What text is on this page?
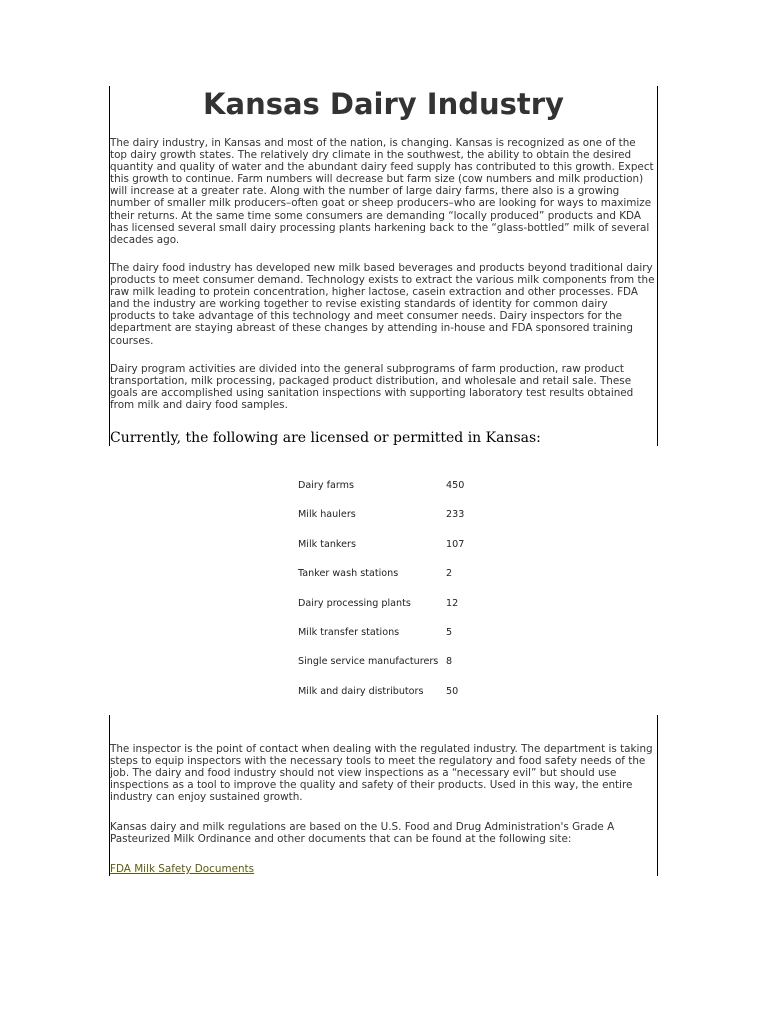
Kansas Dairy Industry

The dairy industry, in Kansas and most of the nation, is changing. Kansas is recognized as one of the top dairy growth states. The relatively dry climate in the southwest, the ability to obtain the desired quantity and quality of water and the abundant dairy feed supply has contributed to this growth. Expect this growth to continue. Farm numbers will decrease but farm size (cow numbers and milk production) will increase at a greater rate. Along with the number of large dairy farms, there also is a growing number of smaller milk producers–often goat or sheep producers–who are looking for ways to maximize their returns. At the same time some consumers are demanding “locally produced” products and KDA has licensed several small dairy processing plants harkening back to the “glass-bottled” milk of several decades ago.

The dairy food industry has developed new milk based beverages and products beyond traditional dairy products to meet consumer demand. Technology exists to extract the various milk components from the raw milk leading to protein concentration, higher lactose, casein extraction and other processes. FDA and the industry are working together to revise existing standards of identity for common dairy products to take advantage of this technology and meet consumer needs. Dairy inspectors for the department are staying abreast of these changes by attending in-house and FDA sponsored training courses.

Dairy program activities are divided into the general subprograms of farm production, raw product transportation, milk processing, packaged product distribution, and wholesale and retail sale. These goals are accomplished using sanitation inspections with supporting laboratory test results obtained from milk and dairy food samples.

Currently, the following are licensed or permitted in Kansas:

Dairy farms	450
Milk haulers	233
Milk tankers	107
Tanker wash stations	2
Dairy processing plants	12
Milk transfer stations	5
Single service manufacturers 8
Milk and dairy distributors	50

The inspector is the point of contact when dealing with the regulated industry. The department is taking steps to equip inspectors with the necessary tools to meet the regulatory and food safety needs of the job. The dairy and food industry should not view inspections as a “necessary evil” but should use inspections as a tool to improve the quality and safety of their products. Used in this way, the entire industry can enjoy sustained growth.

Kansas dairy and milk regulations are based on the U.S. Food and Drug Administration's Grade A Pasteurized Milk Ordinance and other documents that can be found at the following site:

FDA Milk Safety Documents
